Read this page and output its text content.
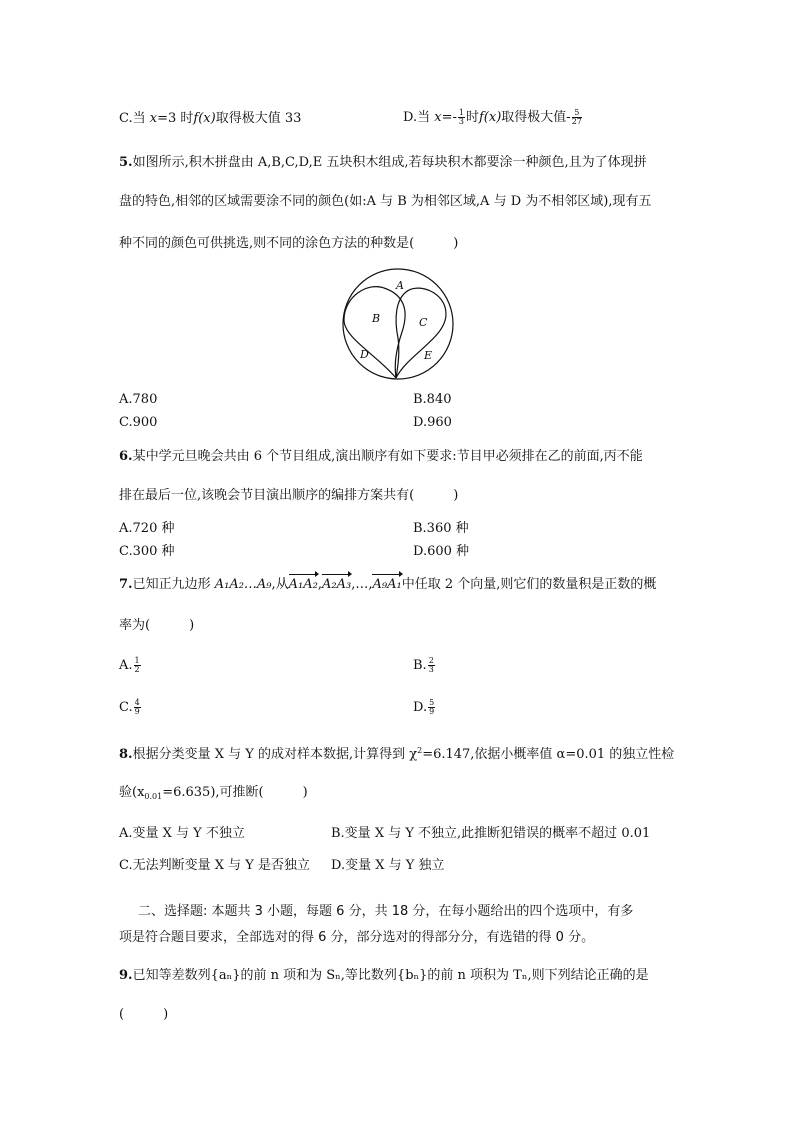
C.当 x=3 时f(x)取得极大值 33	D.当 $x=- \frac{1}{3}$ 时f(x)取得极大值- $\frac{5}{27}$
5.如图所示,积木拼盘由 A,B,C,D,E 五块积木组成,若每块积木都要涂一种颜色,且为了体现拼
盘的特色,相邻的区域需要涂不同的颜色(如:A 与 B 为相邻区域,A 与 D 为不相邻区域),现有五
种不同的颜色可供挑选,则不同的涂色方法的种数是(　　　)
A
B	C
D	E
A.780	B.840
C.900	D.960
6.某中学元旦晚会共由 6 个节目组成,演出顺序有如下要求:节目甲必须排在乙的前面,丙不能
排在最后一位,该晚会节目演出顺序的编排方案共有(　　　)
A.720 种	B.360 种
C.300 种	D.600 种
7.已知正九边形 A₁A₂…A₉,从A₁A₂,A₂A₃,…,A₉A₁中任取 2 个向量,则它们的数量积是正数的概
率为(　　　)
A. $\frac{1}{2}$	B. $\frac{2}{3}$
C. $\frac{4}{9}$	D. $\frac{5}{9}$
8.根据分类变量 X 与 Y 的成对样本数据,计算得到 $\chi^2=6.147$,依据小概率值 α=0.01 的独立性检
验$(x_{0.01}=6.635)$,可推断(　　　)
A.变量 X 与 Y 不独立	B.变量 X 与 Y 不独立,此推断犯错误的概率不超过 0.01
C.无法判断变量 X 与 Y 是否独立 D.变量 X 与 Y 独立
二、选择题: 本题共 3 小题，每题 6 分，共 18 分，在每小题给出的四个选项中，有多
项是符合题目要求，全部选对的得 6 分，部分选对的得部分分，有选错的得 0 分。
9.已知等差数列{aₙ}的前 n 项和为 Sₙ,等比数列{bₙ}的前 n 项积为 Tₙ,则下列结论正确的是
(　　　)
